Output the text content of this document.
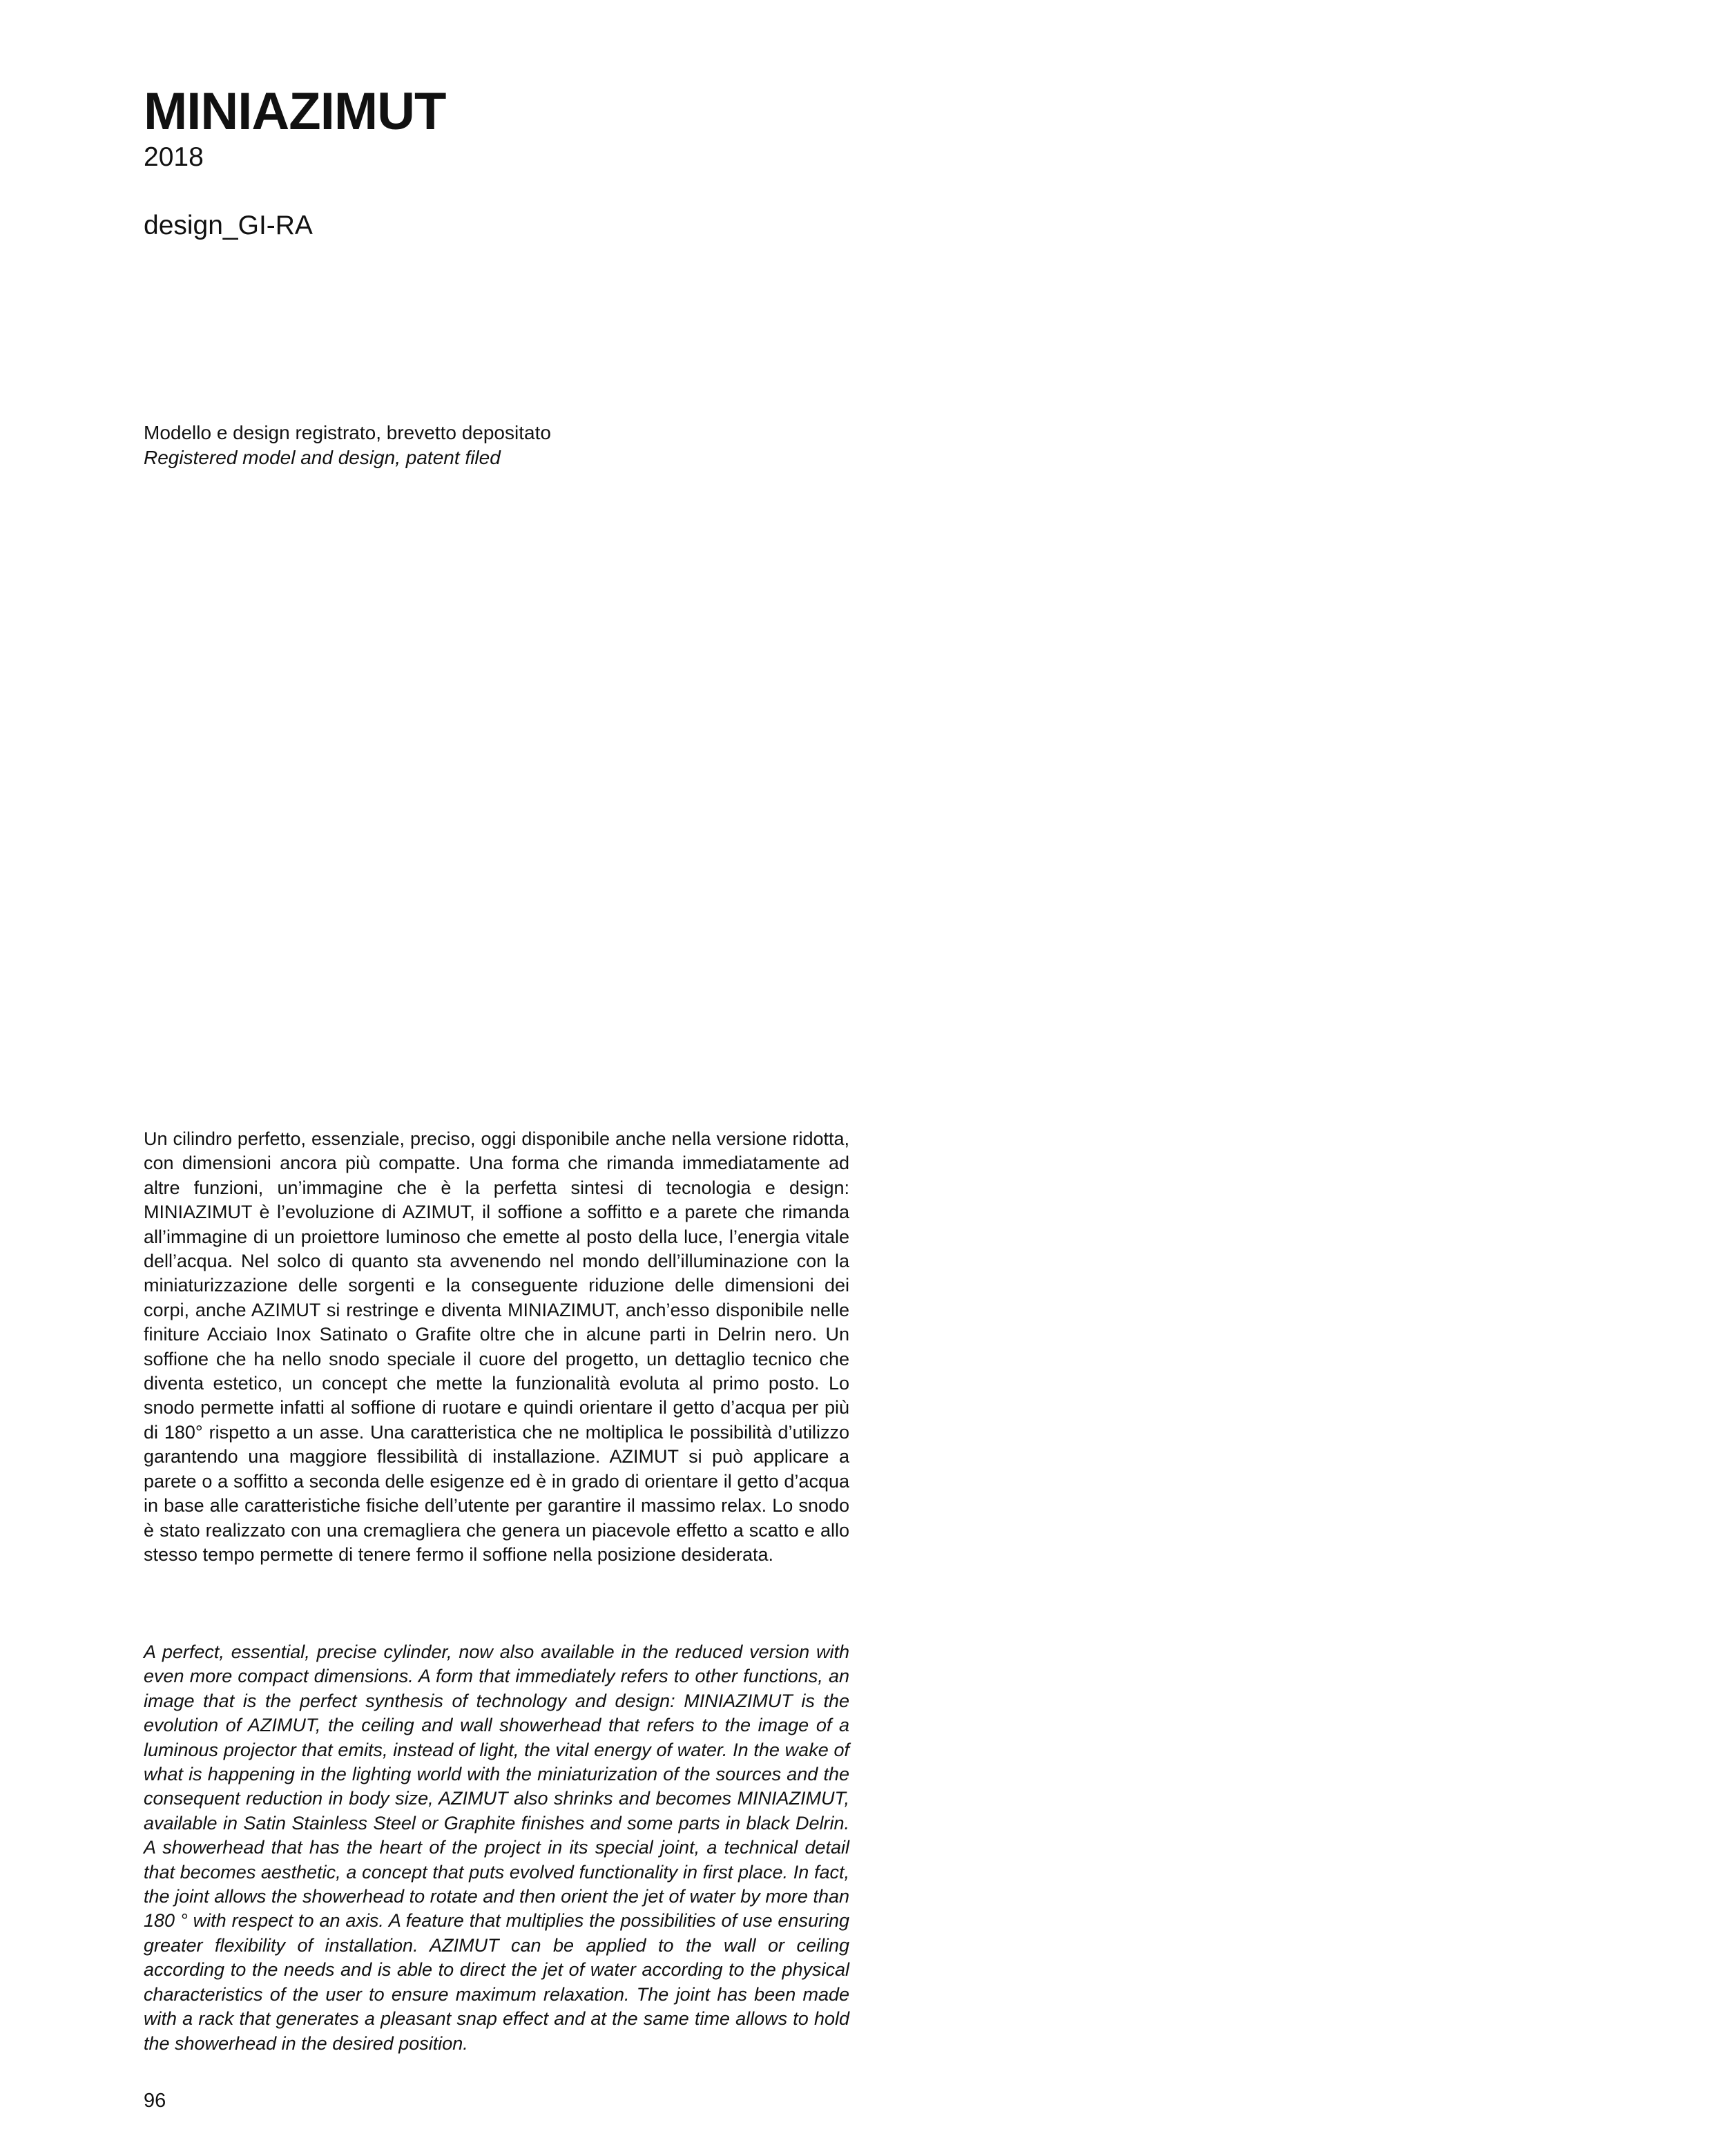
MINIAZIMUT
2018
design_GI-RA
Modello e design registrato, brevetto depositato
Registered model and design, patent filed

Un cilindro perfetto, essenziale, preciso, oggi disponibile anche nella versione ridotta, con dimensioni ancora più compatte. Una forma che rimanda immediatamente ad altre funzioni, un’immagine che è la perfetta sintesi di tecnologia e design: MINIAZIMUT è l’evoluzione di AZIMUT, il soffione a soffitto e a parete che rimanda all’immagine di un proiettore luminoso che emette al posto della luce, l’energia vitale dell’acqua. Nel solco di quanto sta avvenendo nel mondo dell’illuminazione con la miniaturizzazione delle sorgenti e la conseguente riduzione delle dimensioni dei corpi, anche AZIMUT si restringe e diventa MINIAZIMUT, anch’esso disponibile nelle finiture Acciaio Inox Satinato o Grafite oltre che in alcune parti in Delrin nero. Un soffione che ha nello snodo speciale il cuore del progetto, un dettaglio tecnico che diventa estetico, un concept che mette la funzionalità evoluta al primo posto. Lo snodo permette infatti al soffione di ruotare e quindi orientare il getto d’acqua per più di 180° rispetto a un asse. Una caratteristica che ne moltiplica le possibilità d’utilizzo garantendo una maggiore flessibilità di installazione. AZIMUT si può applicare a parete o a soffitto a seconda delle esigenze ed è in grado di orientare il getto d’acqua in base alle caratteristiche fisiche dell’utente per garantire il massimo relax. Lo snodo è stato realizzato con una cremagliera che genera un piacevole effetto a scatto e allo stesso tempo permette di tenere fermo il soffione nella posizione desiderata.

A perfect, essential, precise cylinder, now also available in the reduced version with even more compact dimensions. A form that immediately refers to other functions, an image that is the perfect synthesis of technology and design: MINIAZIMUT is the evolution of AZIMUT, the ceiling and wall showerhead that refers to the image of a luminous projector that emits, instead of light, the vital energy of water. In the wake of what is happening in the lighting world with the miniaturization of the sources and the consequent reduction in body size, AZIMUT also shrinks and becomes MINIAZIMUT, available in Satin Stainless Steel or Graphite finishes and some parts in black Delrin. A showerhead that has the heart of the project in its special joint, a technical detail that becomes aesthetic, a concept that puts evolved functionality in first place. In fact, the joint allows the showerhead to rotate and then orient the jet of water by more than 180 ° with respect to an axis. A feature that multiplies the possibilities of use ensuring greater flexibility of installation. AZIMUT can be applied to the wall or ceiling according to the needs and is able to direct the jet of water according to the physical characteristics of the user to ensure maximum relaxation. The joint has been made with a rack that generates a pleasant snap effect and at the same time allows to hold the showerhead in the desired position.

96
